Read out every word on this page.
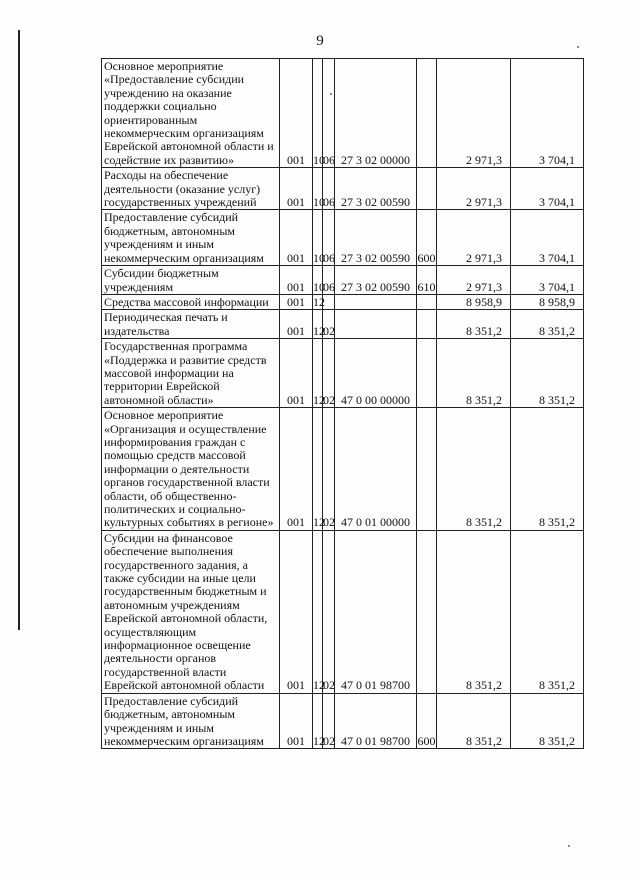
9
Основное мероприятие «Предоставление субсидии учреждению на оказание поддержки социально ориентированным некоммерческим организациям Еврейской автономной области и содействие их развитию»	001	10	06	27 3 02 00000		2 971,3	3 704,1
Расходы на обеспечение деятельности (оказание услуг) государственных учреждений	001	10	06	27 3 02 00590		2 971,3	3 704,1
Предоставление субсидий бюджетным, автономным учреждениям и иным некоммерческим организациям	001	10	06	27 3 02 00590	600	2 971,3	3 704,1
Субсидии бюджетным учреждениям	001	10	06	27 3 02 00590	610	2 971,3	3 704,1
Средства массовой информации	001	12				8 958,9	8 958,9
Периодическая печать и издательства	001	12	02			8 351,2	8 351,2
Государственная программа «Поддержка и развитие средств массовой информации на территории Еврейской автономной области»	001	12	02	47 0 00 00000		8 351,2	8 351,2
Основное мероприятие «Организация и осуществление информирования граждан с помощью средств массовой информации о деятельности органов государственной власти области, об общественно-политических и социально-культурных событиях в регионе»	001	12	02	47 0 01 00000		8 351,2	8 351,2
Субсидии на финансовое обеспечение выполнения государственного задания, а также субсидии на иные цели государственным бюджетным и автономным учреждениям Еврейской автономной области, осуществляющим информационное освещение деятельности органов государственной власти Еврейской автономной области	001	12	02	47 0 01 98700		8 351,2	8 351,2
Предоставление субсидий бюджетным, автономным учреждениям и иным некоммерческим организациям	001	12	02	47 0 01 98700	600	8 351,2	8 351,2
